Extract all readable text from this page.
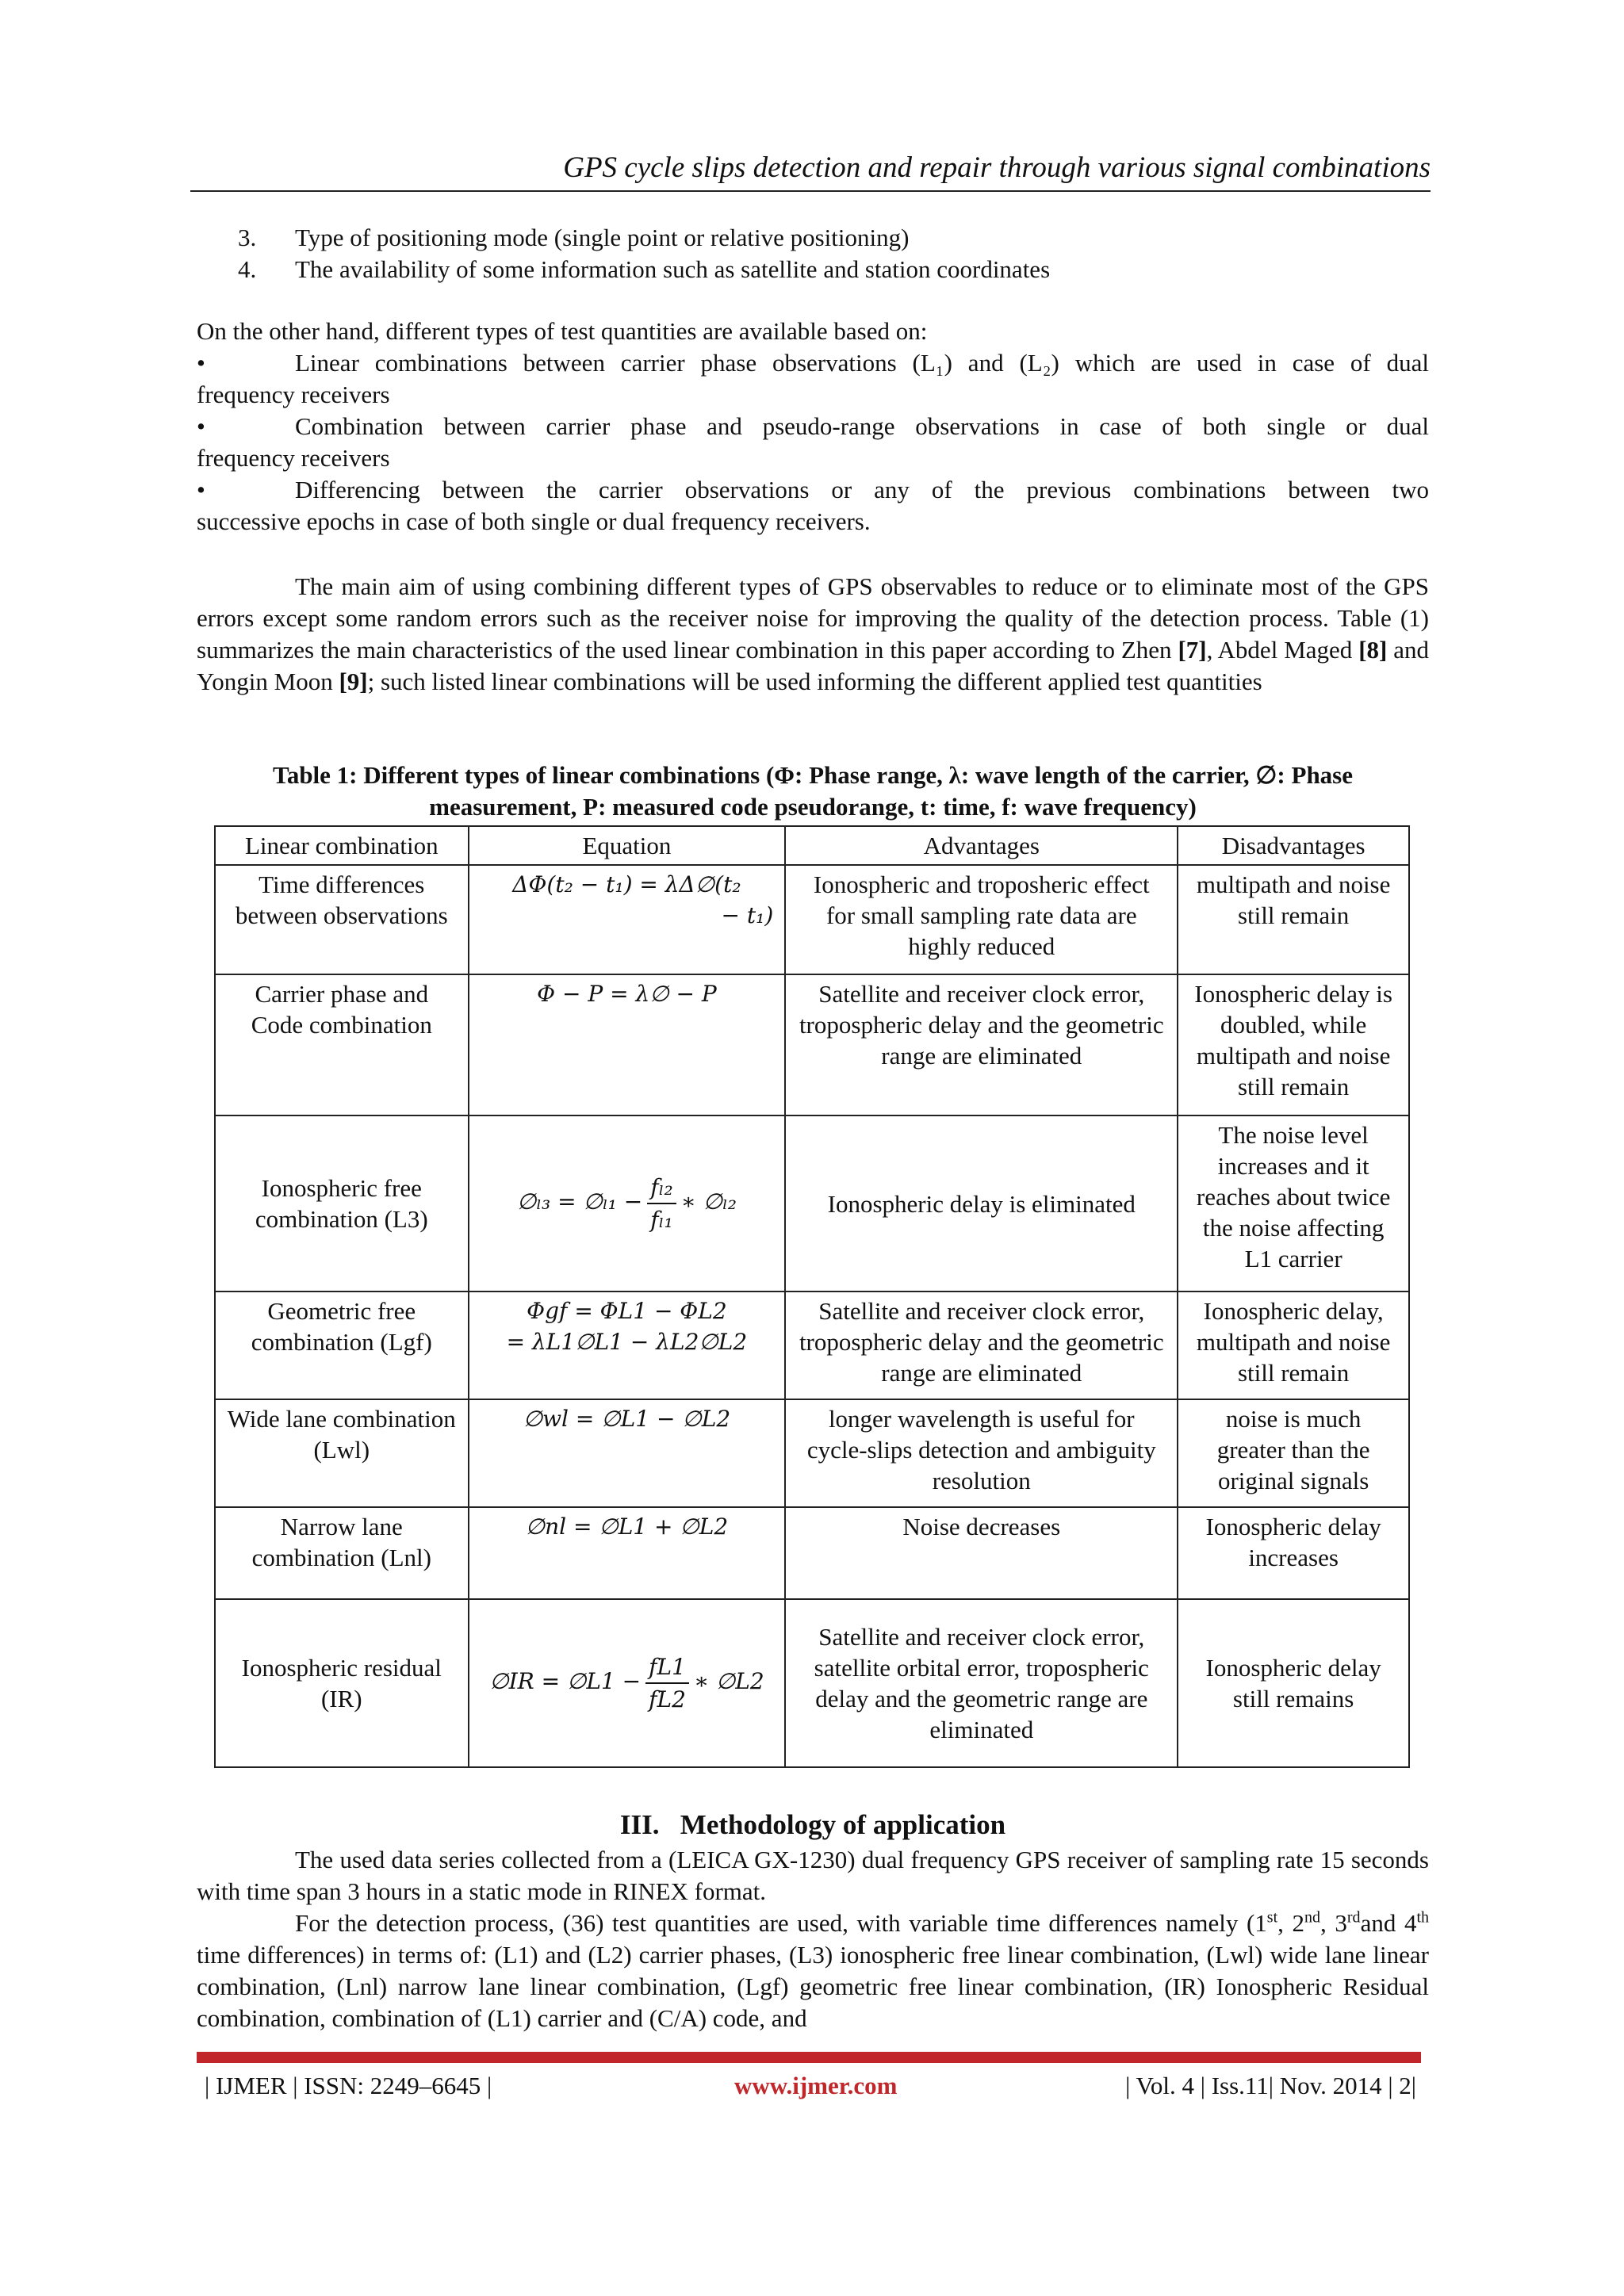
GPS cycle slips detection and repair through various signal combinations
3. Type of positioning mode (single point or relative positioning)
4. The availability of some information such as satellite and station coordinates
On the other hand, different types of test quantities are available based on:
•	Linear combinations between carrier phase observations (L₁) and (L₂) which are used in case of dual
frequency receivers
•	Combination between carrier phase and pseudo-range observations in case of both single or dual
frequency receivers
•	Differencing between the carrier observations or any of the previous combinations between two
successive epochs in case of both single or dual frequency receivers.
The main aim of using combining different types of GPS observables to reduce or to eliminate most of the GPS errors except some random errors such as the receiver noise for improving the quality of the detection process. Table (1) summarizes the main characteristics of the used linear combination in this paper according to Zhen [7], Abdel Maged [8] and Yongin Moon [9]; such listed linear combinations will be used informing the different applied test quantities
Table 1: Different types of linear combinations (Φ: Phase range, λ: wave length of the carrier, ∅: Phase
measurement, P: measured code pseudorange, t: time, f: wave frequency)
Linear combination	Equation	Advantages	Disadvantages
Time differences between observations	ΔΦ(t₂ − t₁) = λΔ∅(t₂
− t₁)	Ionospheric and troposheric effect for small sampling rate data are highly reduced	multipath and noise still remain
Carrier phase and Code combination	Φ − P = λ∅ − P	Satellite and receiver clock error, tropospheric delay and the geometric range are eliminated	Ionospheric delay is doubled, while multipath and noise still remain
Ionospheric free combination (L3)	∅ₗ₃ = ∅ₗ₁ − $\frac{\text{fₗ₂}}{\text{fₗ₁}}$ ∗ ∅ₗ₂	Ionospheric delay is eliminated	The noise level increases and it reaches about twice the noise affecting L1 carrier
Geometric free combination (Lgf)	Φgf = ΦL1 − ΦL2
= λL1∅L1 − λL2∅L2	Satellite and receiver clock error, tropospheric delay and the geometric range are eliminated	Ionospheric delay, multipath and noise still remain
Wide lane combination (Lwl)	∅wl = ∅L1 − ∅L2	longer wavelength is useful for cycle-slips detection and ambiguity resolution	noise is much greater than the original signals
Narrow lane combination (Lnl)	∅nl = ∅L1 + ∅L2	Noise decreases	Ionospheric delay increases
Ionospheric residual (IR)	∅IR = ∅L1 − $\frac{fL1}{fL2}$ ∗ ∅L2	Satellite and receiver clock error, satellite orbital error, tropospheric delay and the geometric range are eliminated	Ionospheric delay still remains
III. Methodology of application
The used data series collected from a (LEICA GX-1230) dual frequency GPS receiver of sampling rate 15 seconds with time span 3 hours in a static mode in RINEX format.
For the detection process, (36) test quantities are used, with variable time differences namely (1st, 2nd, 3rdand 4th time differences) in terms of: (L1) and (L2) carrier phases, (L3) ionospheric free linear combination, (Lwl) wide lane linear combination, (Lnl) narrow lane linear combination, (Lgf) geometric free linear combination, (IR) Ionospheric Residual combination, combination of (L1) carrier and (C/A) code, and
| IJMER | ISSN: 2249–6645 |	www.ijmer.com	| Vol. 4 | Iss.11| Nov. 2014 | 2|
